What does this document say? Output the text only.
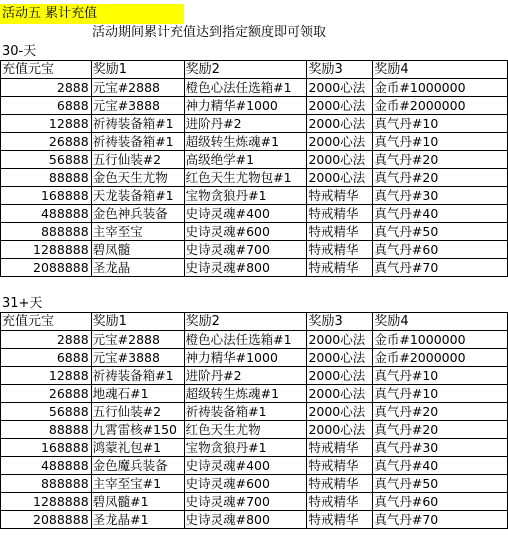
活动五 累计充值
活动期间累计充值达到指定额度即可领取
30-天
充值元宝	奖励1	奖励2	奖励3	奖励4
2888	元宝#2888	橙色心法任选箱#1	2000心法	金币#1000000
6888	元宝#3888	神力精华#1000	2000心法	金币#2000000
12888	祈祷装备箱#1	进阶丹#2	2000心法	真气丹#10
26888	祈祷装备箱#1	超级转生炼魂#1	2000心法	真气丹#10
56888	五行仙装#2	高级绝学#1	2000心法	真气丹#20
88888	金色天生尤物	红色天生尤物包#1	2000心法	真气丹#20
168888	天龙装备箱#1	宝物贪狼丹#1	特戒精华	真气丹#30
488888	金色神兵装备	史诗灵魂#400	特戒精华	真气丹#40
888888	主宰至宝	史诗灵魂#600	特戒精华	真气丹#50
1288888	碧凤髓	史诗灵魂#700	特戒精华	真气丹#60
2088888	圣龙晶	史诗灵魂#800	特戒精华	真气丹#70
31+天
充值元宝	奖励1	奖励2	奖励3	奖励4
2888	元宝#2888	橙色心法任选箱#1	2000心法	金币#1000000
6888	元宝#3888	神力精华#1000	2000心法	金币#2000000
12888	祈祷装备箱#1	进阶丹#2	2000心法	真气丹#10
26888	地魂石#1	超级转生炼魂#1	2000心法	真气丹#10
56888	五行仙装#2	祈祷装备箱#1	2000心法	真气丹#20
88888	九霄雷核#150	红色天生尤物	2000心法	真气丹#20
168888	鸿蒙礼包#1	宝物贪狼丹#1	特戒精华	真气丹#30
488888	金色魔兵装备	史诗灵魂#400	特戒精华	真气丹#40
888888	主宰至宝#1	史诗灵魂#600	特戒精华	真气丹#50
1288888	碧凤髓#1	史诗灵魂#700	特戒精华	真气丹#60
2088888	圣龙晶#1	史诗灵魂#800	特戒精华	真气丹#70
